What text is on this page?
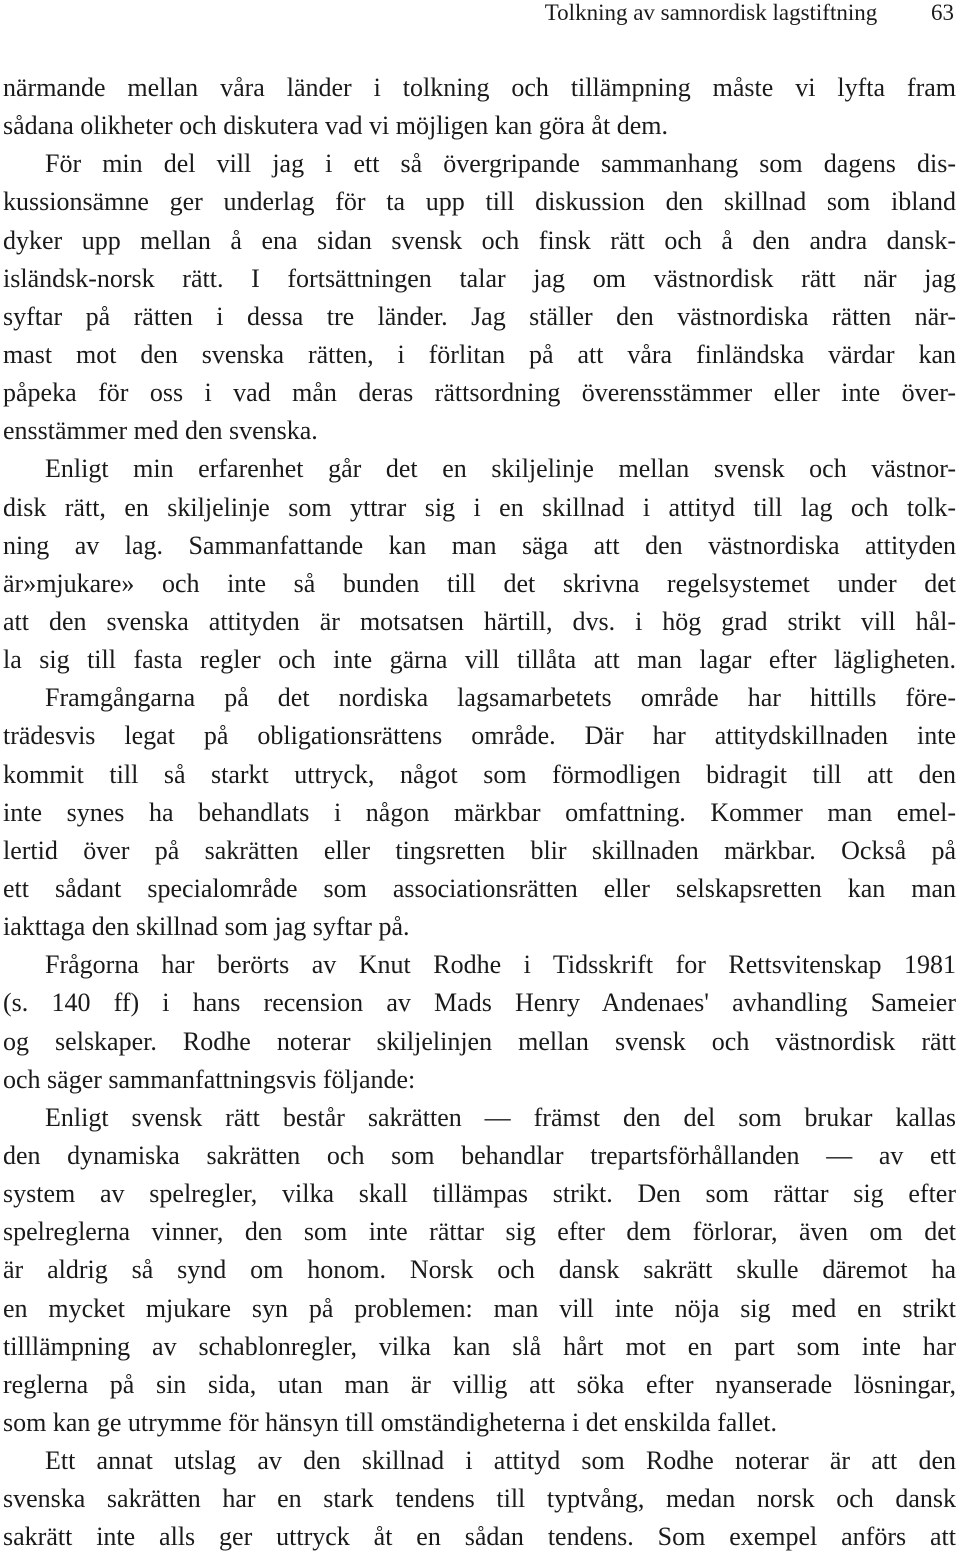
Tolkning av samnordisk lagstiftning 63
närmande mellan våra länder i tolkning och tillämpning måste vi lyfta fram
sådana olikheter och diskutera vad vi möjligen kan göra åt dem.
För min del vill jag i ett så övergripande sammanhang som dagens dis-
kussionsämne ger underlag för ta upp till diskussion den skillnad som ibland
dyker upp mellan å ena sidan svensk och finsk rätt och å den andra dansk-
isländsk-norsk rätt. I fortsättningen talar jag om västnordisk rätt när jag
syftar på rätten i dessa tre länder. Jag ställer den västnordiska rätten när-
mast mot den svenska rätten, i förlitan på att våra finländska värdar kan
påpeka för oss i vad mån deras rättsordning överensstämmer eller inte över-
ensstämmer med den svenska.
Enligt min erfarenhet går det en skiljelinje mellan svensk och västnor-
disk rätt, en skiljelinje som yttrar sig i en skillnad i attityd till lag och tolk-
ning av lag. Sammanfattande kan man säga att den västnordiska attityden
är»mjukare» och inte så bunden till det skrivna regelsystemet under det
att den svenska attityden är motsatsen härtill, dvs. i hög grad strikt vill hål-
la sig till fasta regler och inte gärna vill tillåta att man lagar efter lägligheten.
Framgångarna på det nordiska lagsamarbetets område har hittills före-
trädesvis legat på obligationsrättens område. Där har attitydskillnaden inte
kommit till så starkt uttryck, något som förmodligen bidragit till att den
inte synes ha behandlats i någon märkbar omfattning. Kommer man emel-
lertid över på sakrätten eller tingsretten blir skillnaden märkbar. Också på
ett sådant specialområde som associationsrätten eller selskapsretten kan man
iakttaga den skillnad som jag syftar på.
Frågorna har berörts av Knut Rodhe i Tidsskrift for Rettsvitenskap 1981
(s. 140 ff) i hans recension av Mads Henry Andenaes' avhandling Sameier
og selskaper. Rodhe noterar skiljelinjen mellan svensk och västnordisk rätt
och säger sammanfattningsvis följande:
Enligt svensk rätt består sakrätten — främst den del som brukar kallas
den dynamiska sakrätten och som behandlar trepartsförhållanden — av ett
system av spelregler, vilka skall tillämpas strikt. Den som rättar sig efter
spelreglerna vinner, den som inte rättar sig efter dem förlorar, även om det
är aldrig så synd om honom. Norsk och dansk sakrätt skulle däremot ha
en mycket mjukare syn på problemen: man vill inte nöja sig med en strikt
tilllämpning av schablonregler, vilka kan slå hårt mot en part som inte har
reglerna på sin sida, utan man är villig att söka efter nyanserade lösningar,
som kan ge utrymme för hänsyn till omständigheterna i det enskilda fallet.
Ett annat utslag av den skillnad i attityd som Rodhe noterar är att den
svenska sakrätten har en stark tendens till typtvång, medan norsk och dansk
sakrätt inte alls ger uttryck åt en sådan tendens. Som exempel anförs att
